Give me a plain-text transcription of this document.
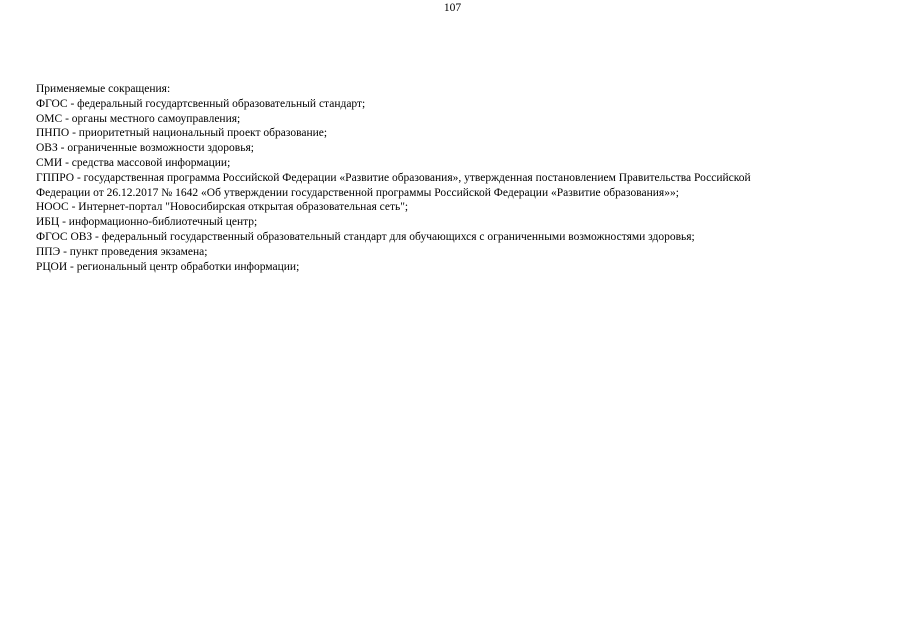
107
Применяемые сокращения:
ФГОС - федеральный государтсвенный образовательный стандарт;
ОМС - органы местного самоуправления;
ПНПО - приоритетный национальный проект образование;
ОВЗ - ограниченные возможности здоровья;
СМИ - средства массовой информации;
ГППРО - государственная программа Российской Федерации «Развитие образования», утвержденная постановлением Правительства Российской
Федерации от 26.12.2017 № 1642 «Об утверждении государственной программы Российской Федерации «Развитие образования»»;
НООС - Интернет-портал "Новосибирская открытая образовательная сеть";
ИБЦ - информационно-библиотечный центр;
ФГОС ОВЗ - федеральный государственный образовательный стандарт для обучающихся с ограниченными возможностями здоровья;
ППЭ - пункт проведения экзамена;
РЦОИ - региональный центр обработки информации;
